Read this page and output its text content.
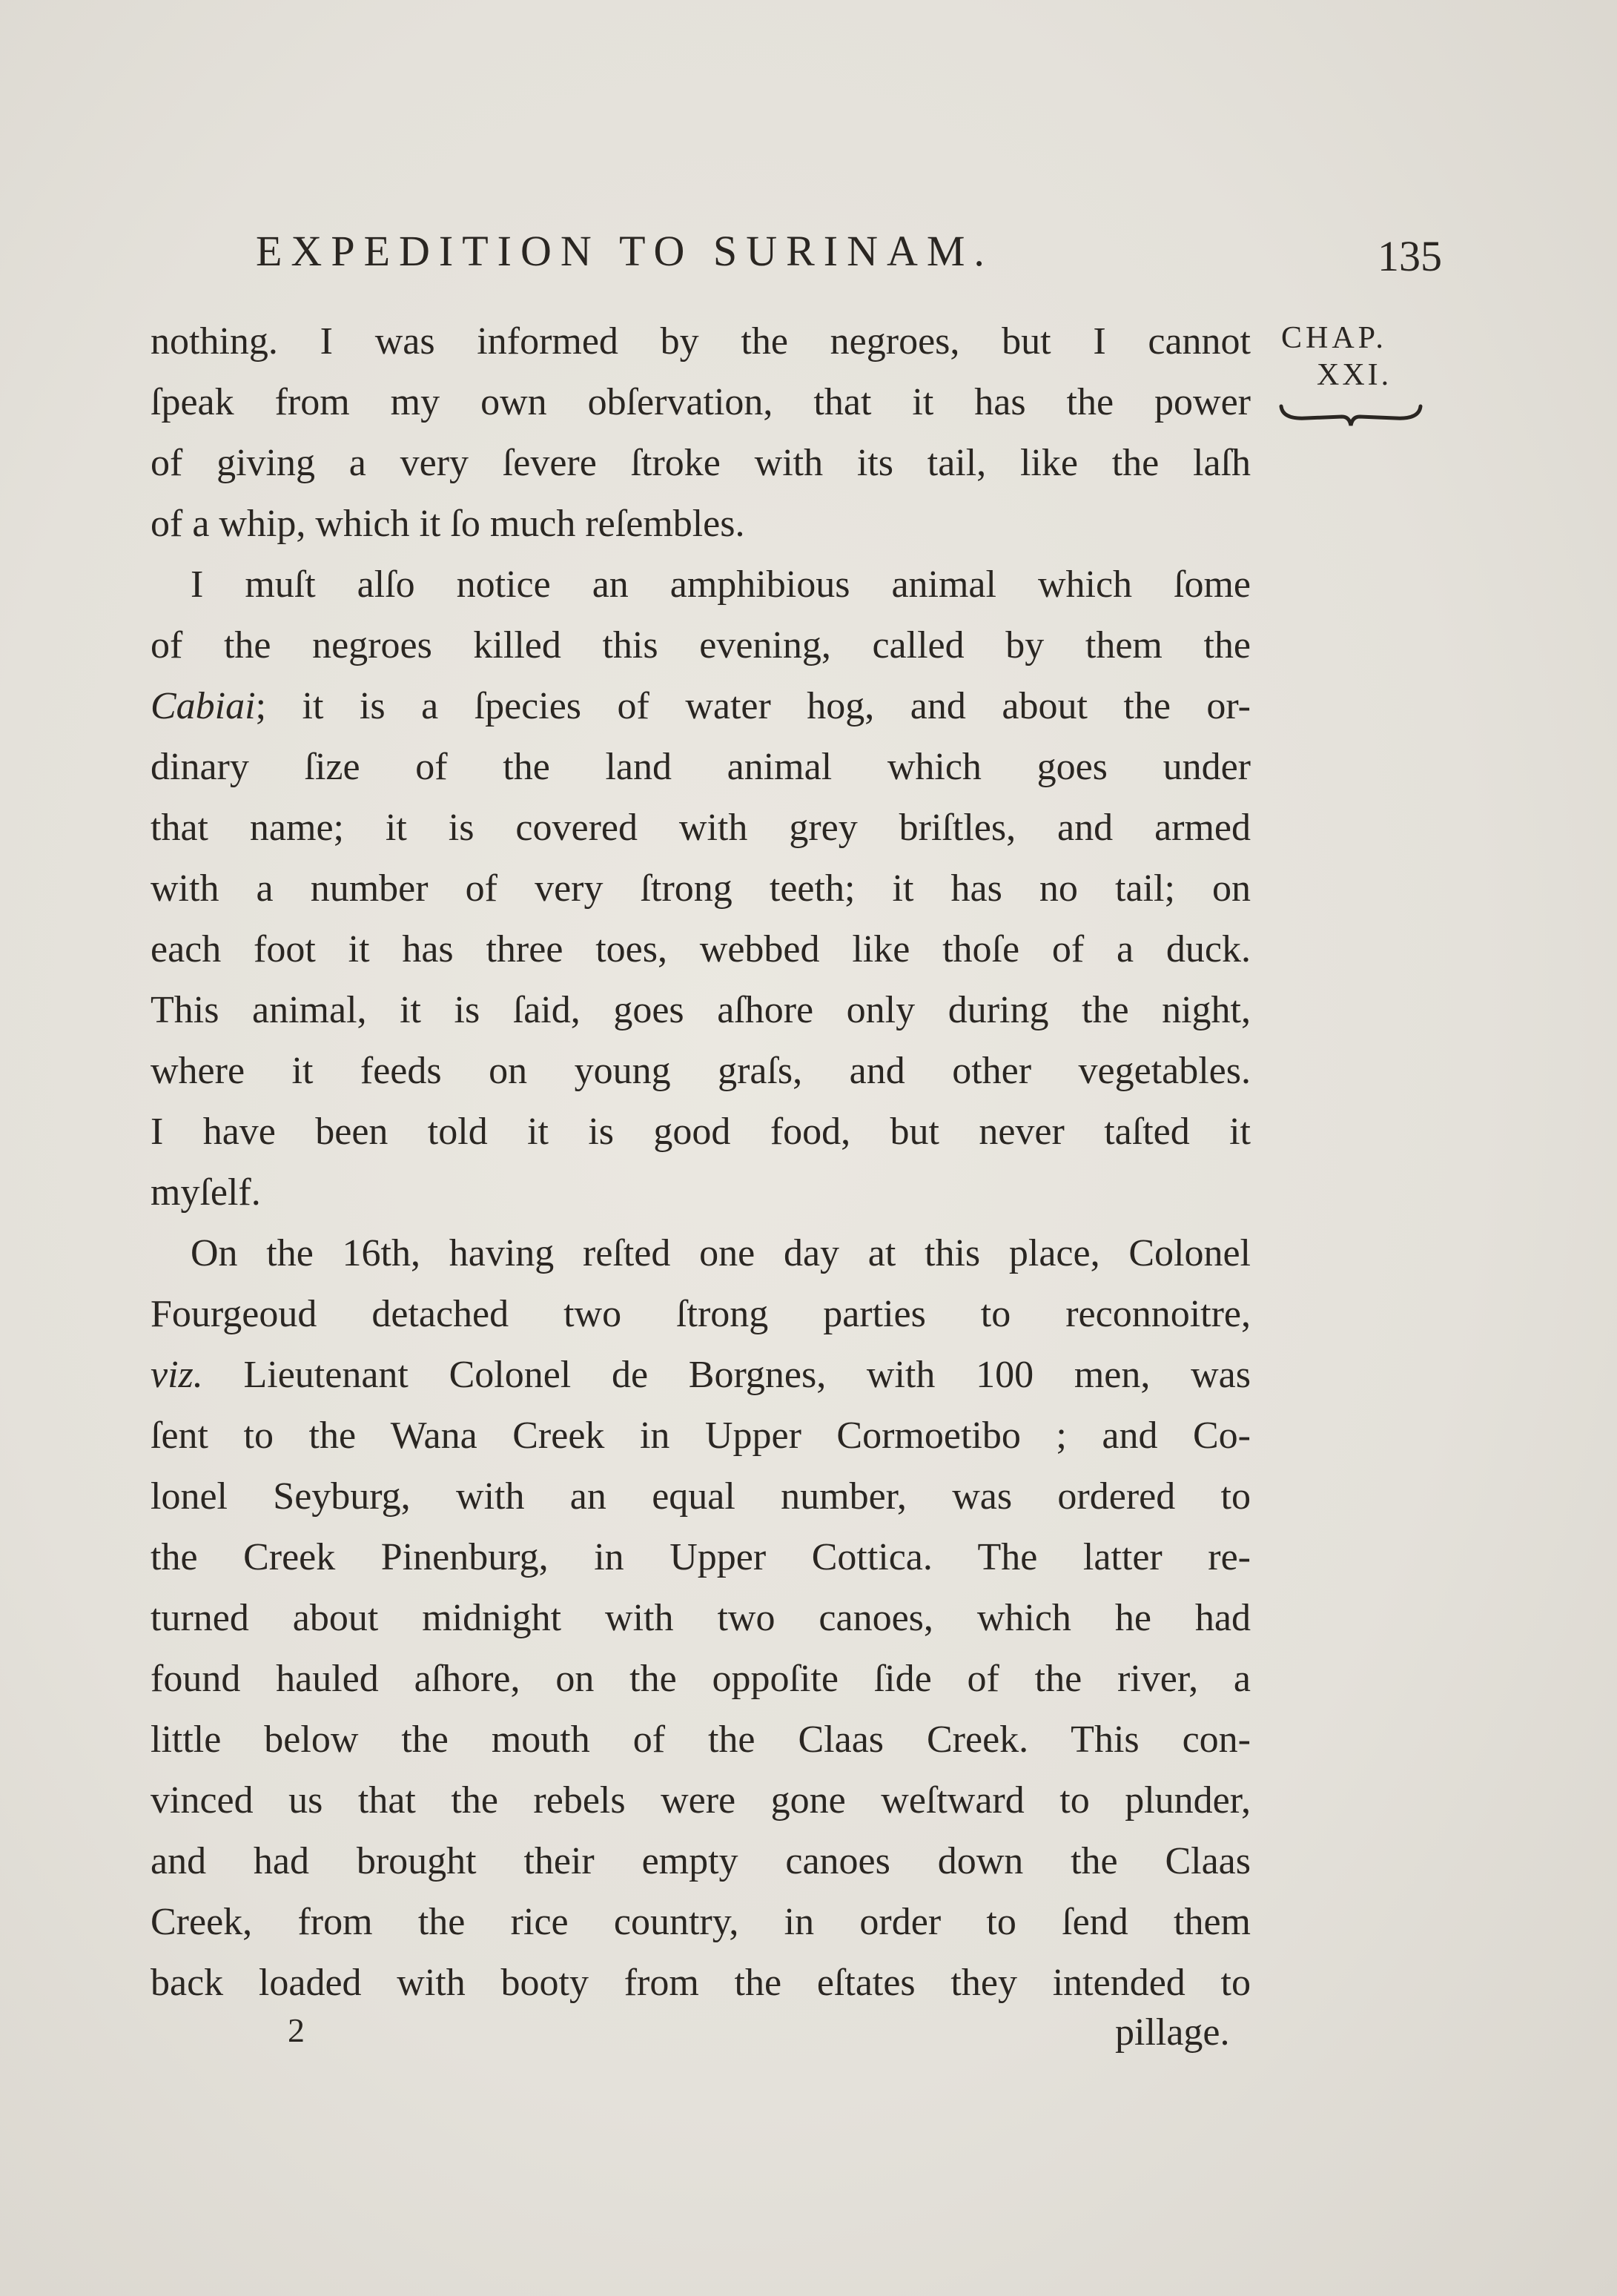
EXPEDITION TO SURINAM.	135
CHAP.
XXI.
nothing. I was informed by the negroes, but I cannot
ſpeak from my own obſervation, that it has the power
of giving a very ſevere ſtroke with its tail, like the laſh
of a whip, which it ſo much reſembles.
I muſt alſo notice an amphibious animal which ſome
of the negroes killed this evening, called by them the
Cabiai; it is a ſpecies of water hog, and about the or-
dinary ſize of the land animal which goes under
that name; it is covered with grey briſtles, and armed
with a number of very ſtrong teeth; it has no tail; on
each foot it has three toes, webbed like thoſe of a duck.
This animal, it is ſaid, goes aſhore only during the night,
where it feeds on young graſs, and other vegetables.
I have been told it is good food, but never taſted it
myſelf.
On the 16th, having reſted one day at this place, Colonel
Fourgeoud detached two ſtrong parties to reconnoitre,
viz. Lieutenant Colonel de Borgnes, with 100 men, was
ſent to the Wana Creek in Upper Cormoetibo ; and Co-
lonel Seyburg, with an equal number, was ordered to
the Creek Pinenburg, in Upper Cottica. The latter re-
turned about midnight with two canoes, which he had
found hauled aſhore, on the oppoſite ſide of the river, a
little below the mouth of the Claas Creek. This con-
vinced us that the rebels were gone weſtward to plunder,
and had brought their empty canoes down the Claas
Creek, from the rice country, in order to ſend them
back loaded with booty from the eſtates they intended to
2	pillage.
